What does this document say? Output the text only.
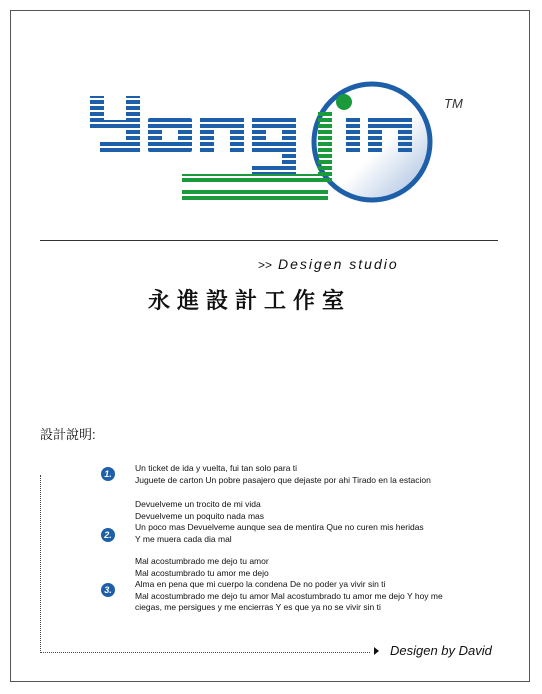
TM
>> Desigen studio
永進設計工作室
設計說明:
Desigen by David
1.
Un ticket de ida y vuelta, fui tan solo para ti
Juguete de carton Un pobre pasajero que dejaste por ahi Tirado en la estacion
2.
Devuelveme un trocito de mi vida
Devuelveme un poquito nada mas
Un poco mas Devuelveme aunque sea de mentira Que no curen mis heridas
Y me muera cada dia mal
3.
Mal acostumbrado me dejo tu amor
Mal acostumbrado tu amor me dejo
Alma en pena que mi cuerpo la condena De no poder ya vivir sin ti
Mal acostumbrado me dejo tu amor Mal acostumbrado tu amor me dejo Y hoy me
ciegas, me persigues y me encierras Y es que ya no se vivir sin ti
